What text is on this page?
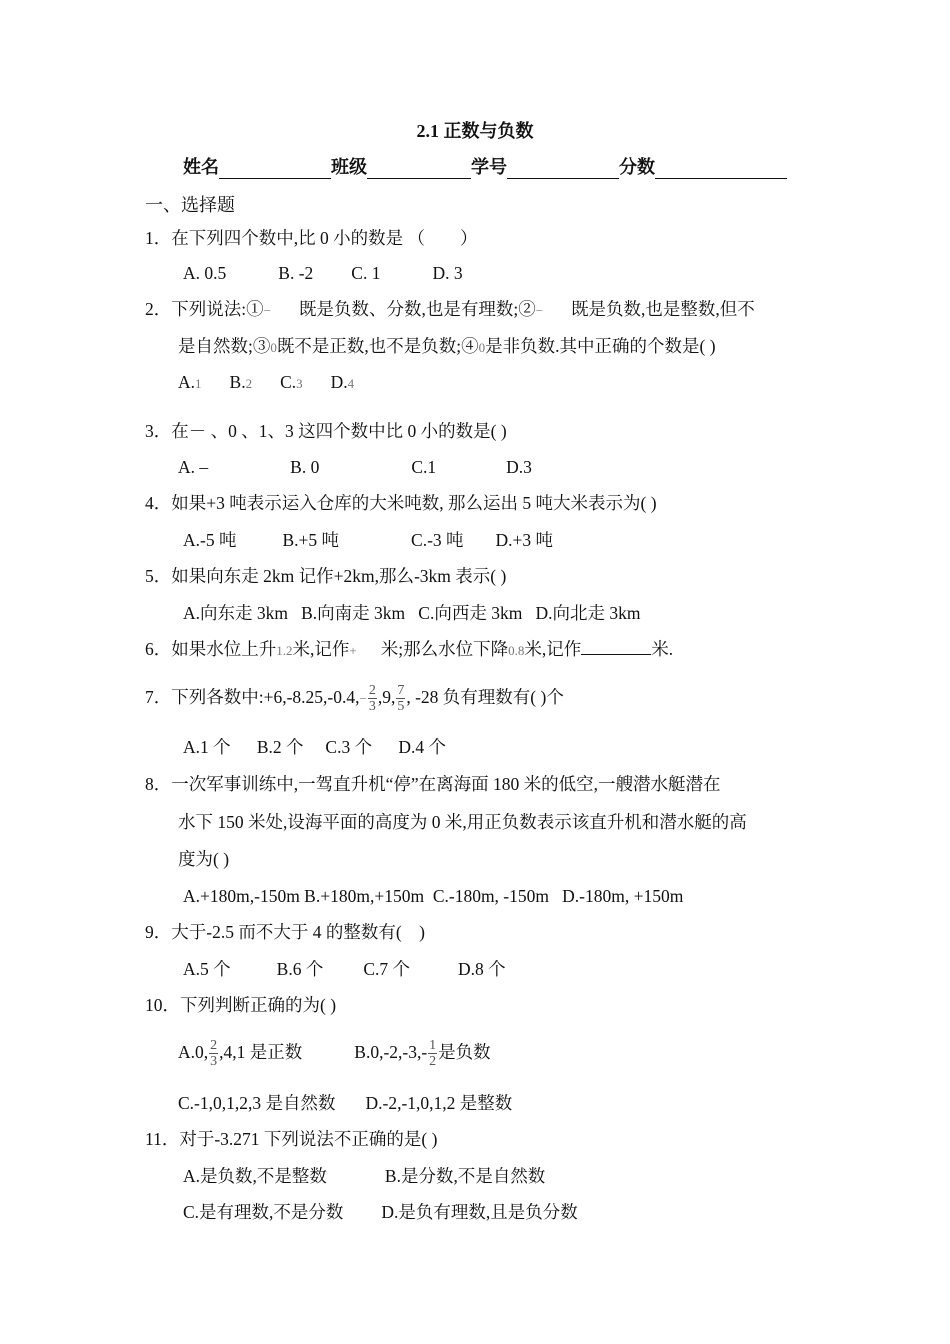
2.1 正数与负数
姓名	班级	学号	分数
一、选择题
1．在下列四个数中,比 0 小的数是 （　　）
A. 0.5	B. -2 C. 1	D. 3
2．下列说法:①− 既是负数、分数,也是有理数;②− 既是负数,也是整数,但不
是自然数;③0既不是正数,也不是负数;④0是非负数.其中正确的个数是( )
A.1 B.2 C.3 D.4
3．在－ 、0 、1、3 这四个数中比 0 小的数是( )
A. –	B. 0	C.1	D.3
4．如果+3 吨表示运入仓库的大米吨数, 那么运出 5 吨大米表示为( )
A.-5 吨	B.+5 吨	C.-3 吨 D.+3 吨
5．如果向东走 2km 记作+2km,那么-3km 表示( )
A.向东走 3km   B.向南走 3km   C.向西走 3km   D.向北走 3km
6．如果水位上升1.2米,记作+ 米;那么水位下降0.8米,记作	米.
7．下列各数中:+6,-8.25,-0.4,− $\frac{2}{3} ,9$, $\frac{7}{5}$ , -28 负有理数有( )个
A.1 个      B.2 个     C.3 个      D.4 个
8．一次军事训练中,一驾直升机“停”在离海面 180 米的低空,一艘潜水艇潜在
水下 150 米处,设海平面的高度为 0 米,用正负数表示该直升机和潜水艇的高
度为( )
A.+180m,-150m B.+180m,+150m  C.-180m, -150m   D.-180m, +150m
9．大于-2.5 而不大于 4 的整数有(    )
A.5 个	B.6 个 C.7 个	D.8 个
10．下列判断正确的为( )
A.0, $\frac{2}{3} ,4,1$ 是正数	$B.0,-2,-3,- \frac{1}{2}$ 是负数
C.-1,0,1,2,3 是自然数 D.-2,-1,0,1,2 是整数
11．对于-3.271 下列说法不正确的是( )
A.是负数,不是整数	B.是分数,不是自然数
C.是有理数,不是分数 D.是负有理数,且是负分数
